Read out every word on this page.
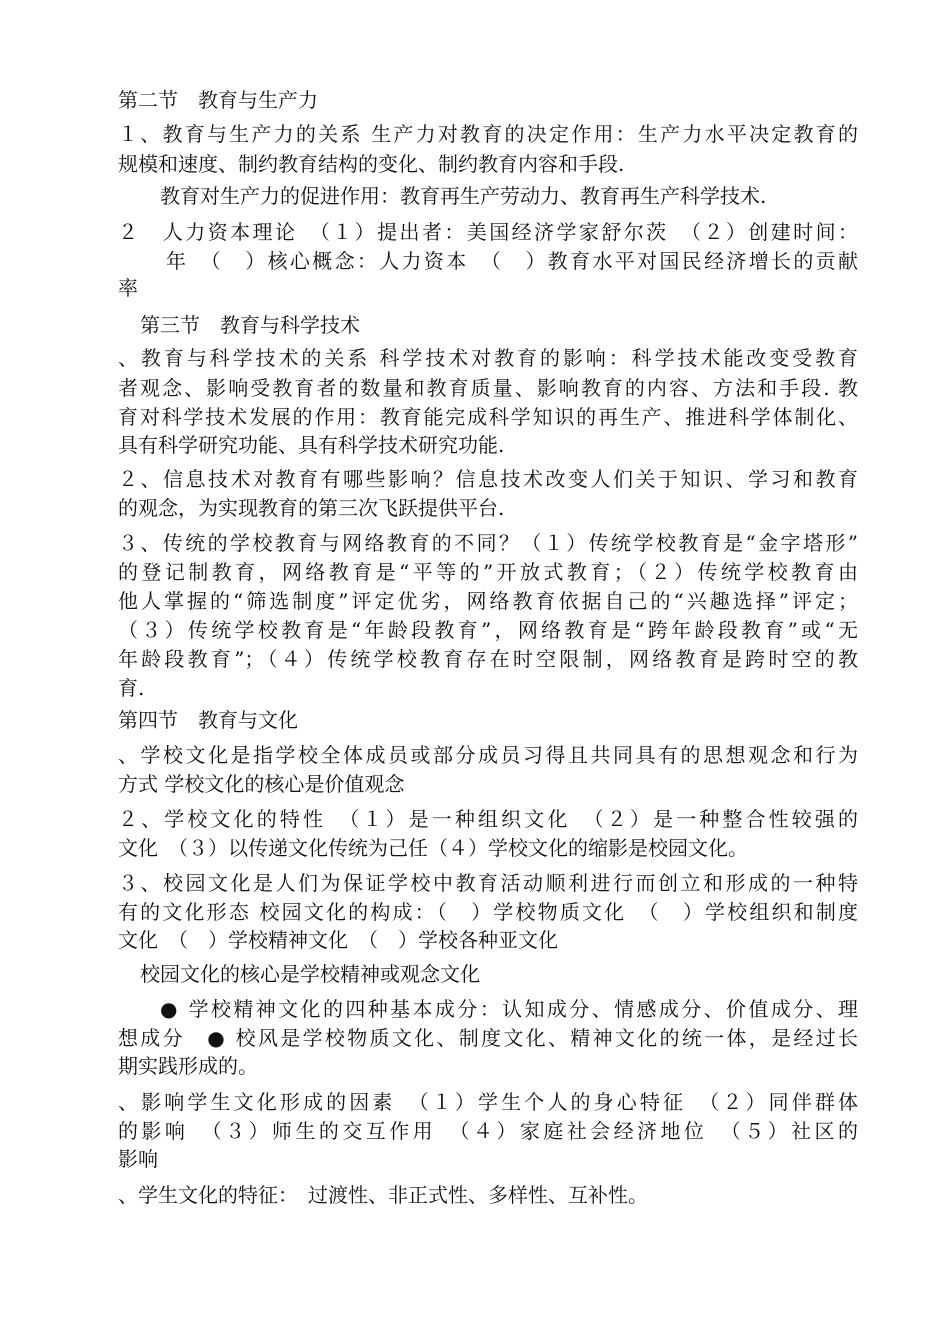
第二节　教育与生产力
１、教育与生产力的关系 生产力对教育的决定作用：生产力水平决定教育的
规模和速度、制约教育结构的变化、制约教育内容和手段.
教育对生产力的促进作用：教育再生产劳动力、教育再生产科学技术.
２　人力资本理论　（１）提出者：美国经济学家舒尔茨　（２）创建时间：
年　（　）核心概念：人力资本　（　）教育水平对国民经济增长的贡献
率
第三节　教育与科学技术
、教育与科学技术的关系 科学技术对教育的影响：科学技术能改变受教育
者观念、影响受教育者的数量和教育质量、影响教育的内容、方法和手段. 教
育对科学技术发展的作用：教育能完成科学知识的再生产、推进科学体制化、
具有科学研究功能、具有科学技术研究功能.
２、信息技术对教育有哪些影响？信息技术改变人们关于知识、学习和教育
的观念，为实现教育的第三次飞跃提供平台.
３、传统的学校教育与网络教育的不同？（１）传统学校教育是“金字塔形”
的登记制教育，网络教育是“平等的”开放式教育；（２）传统学校教育由
他人掌握的“筛选制度”评定优劣，网络教育依据自己的“兴趣选择”评定；
（３）传统学校教育是“年龄段教育”，网络教育是“跨年龄段教育”或“无
年龄段教育”；（４）传统学校教育存在时空限制，网络教育是跨时空的教
育.
第四节　教育与文化
、学校文化是指学校全体成员或部分成员习得且共同具有的思想观念和行为
方式 学校文化的核心是价值观念
２、学校文化的特性　（１）是一种组织文化　（２）是一种整合性较强的
文化　（３）以传递文化传统为己任（４）学校文化的缩影是校园文化。
３、校园文化是人们为保证学校中教育活动顺利进行而创立和形成的一种特
有的文化形态 校园文化的构成：（　）学校物质文化　（　）学校组织和制度
文化　（　）学校精神文化　（　）学校各种亚文化
校园文化的核心是学校精神或观念文化
● 学校精神文化的四种基本成分：认知成分、情感成分、价值成分、理
想成分　● 校风是学校物质文化、制度文化、精神文化的统一体，是经过长
期实践形成的。
、影响学生文化形成的因素　（１）学生个人的身心特征　（２）同伴群体
的影响　（３）师生的交互作用　（４）家庭社会经济地位　（５）社区的
影响
、学生文化的特征：　过渡性、非正式性、多样性、互补性。
